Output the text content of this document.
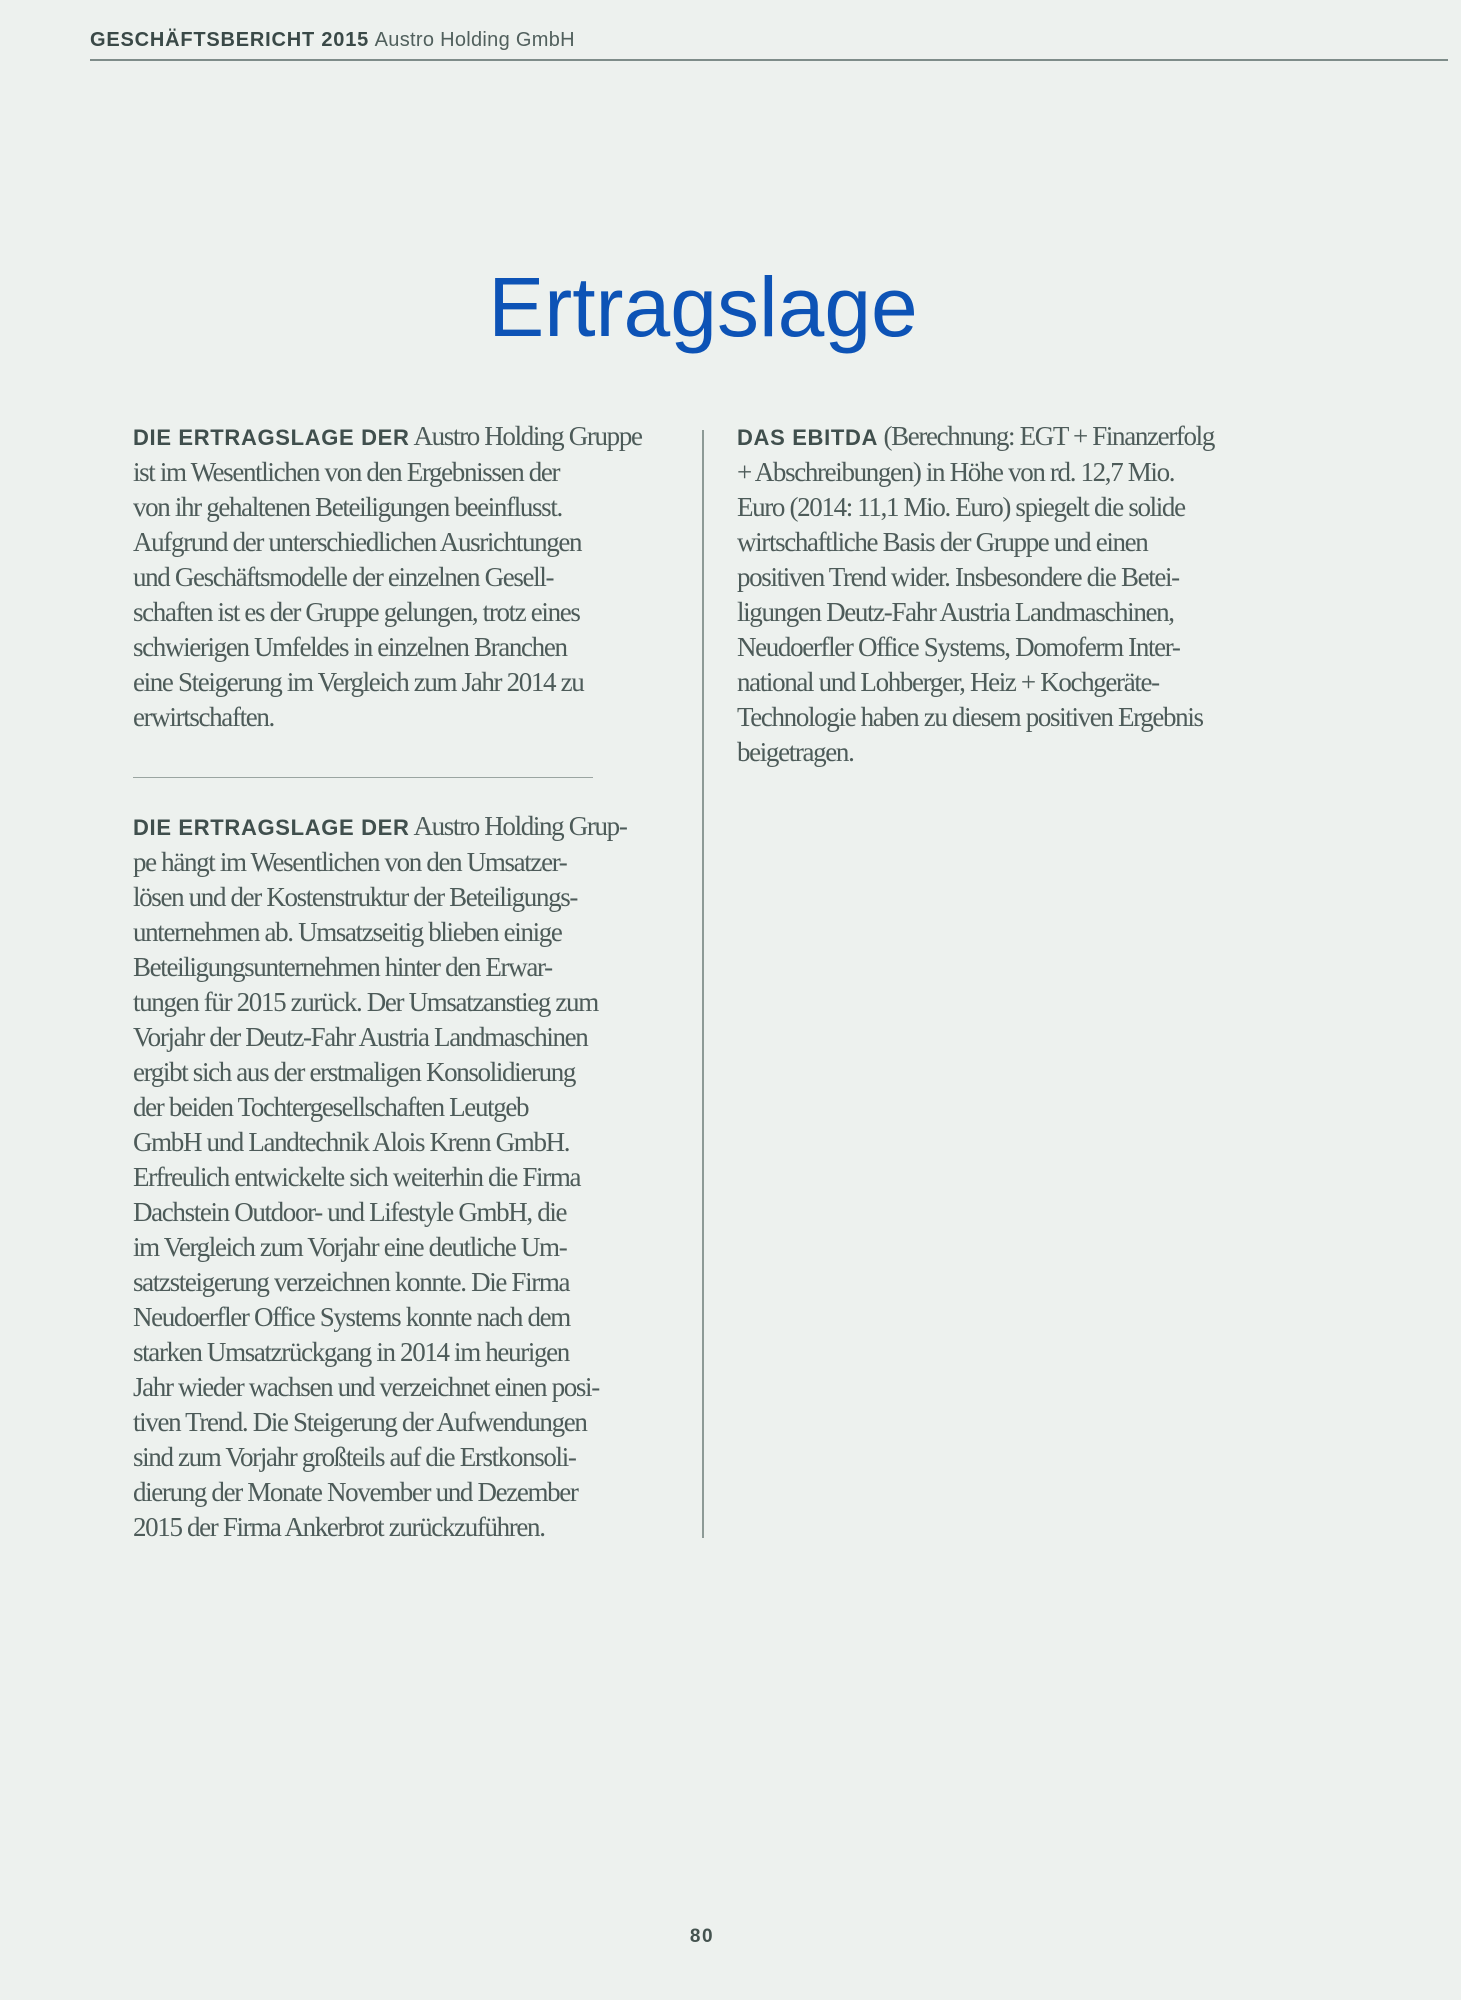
GESCHÄFTSBERICHT 2015 Austro Holding GmbH
Ertragslage
DIE ERTRAGSLAGE DER Austro Holding Gruppe
ist im Wesentlichen von den Ergebnissen der
von ihr gehaltenen Beteiligungen beeinflusst.
Aufgrund der unterschiedlichen Ausrichtungen
und Geschäftsmodelle der einzelnen Gesell-
schaften ist es der Gruppe gelungen, trotz eines
schwierigen Umfeldes in einzelnen Branchen
eine Steigerung im Vergleich zum Jahr 2014 zu
erwirtschaften.
DIE ERTRAGSLAGE DER Austro Holding Grup-
pe hängt im Wesentlichen von den Umsatzer-
lösen und der Kostenstruktur der Beteiligungs-
unternehmen ab. Umsatzseitig blieben einige
Beteiligungsunternehmen hinter den Erwar-
tungen für 2015 zurück. Der Umsatzanstieg zum
Vorjahr der Deutz-Fahr Austria Landmaschinen
ergibt sich aus der erstmaligen Konsolidierung
der beiden Tochtergesellschaften Leutgeb
GmbH und Landtechnik Alois Krenn GmbH.
Erfreulich entwickelte sich weiterhin die Firma
Dachstein Outdoor- und Lifestyle GmbH, die
im Vergleich zum Vorjahr eine deutliche Um-
satzsteigerung verzeichnen konnte. Die Firma
Neudoerfler Office Systems konnte nach dem
starken Umsatzrückgang in 2014 im heurigen
Jahr wieder wachsen und verzeichnet einen posi-
tiven Trend. Die Steigerung der Aufwendungen
sind zum Vorjahr großteils auf die Erstkonsoli-
dierung der Monate November und Dezember
2015 der Firma Ankerbrot zurückzuführen.
DAS EBITDA (Berechnung: EGT + Finanzerfolg
+ Abschreibungen) in Höhe von rd. 12,7 Mio.
Euro (2014: 11,1 Mio. Euro) spiegelt die solide
wirtschaftliche Basis der Gruppe und einen
positiven Trend wider. Insbesondere die Betei-
ligungen Deutz-Fahr Austria Landmaschinen,
Neudoerfler Office Systems, Domoferm Inter-
national und Lohberger, Heiz + Kochgeräte-
Technologie haben zu diesem positiven Ergebnis
beigetragen.
80
